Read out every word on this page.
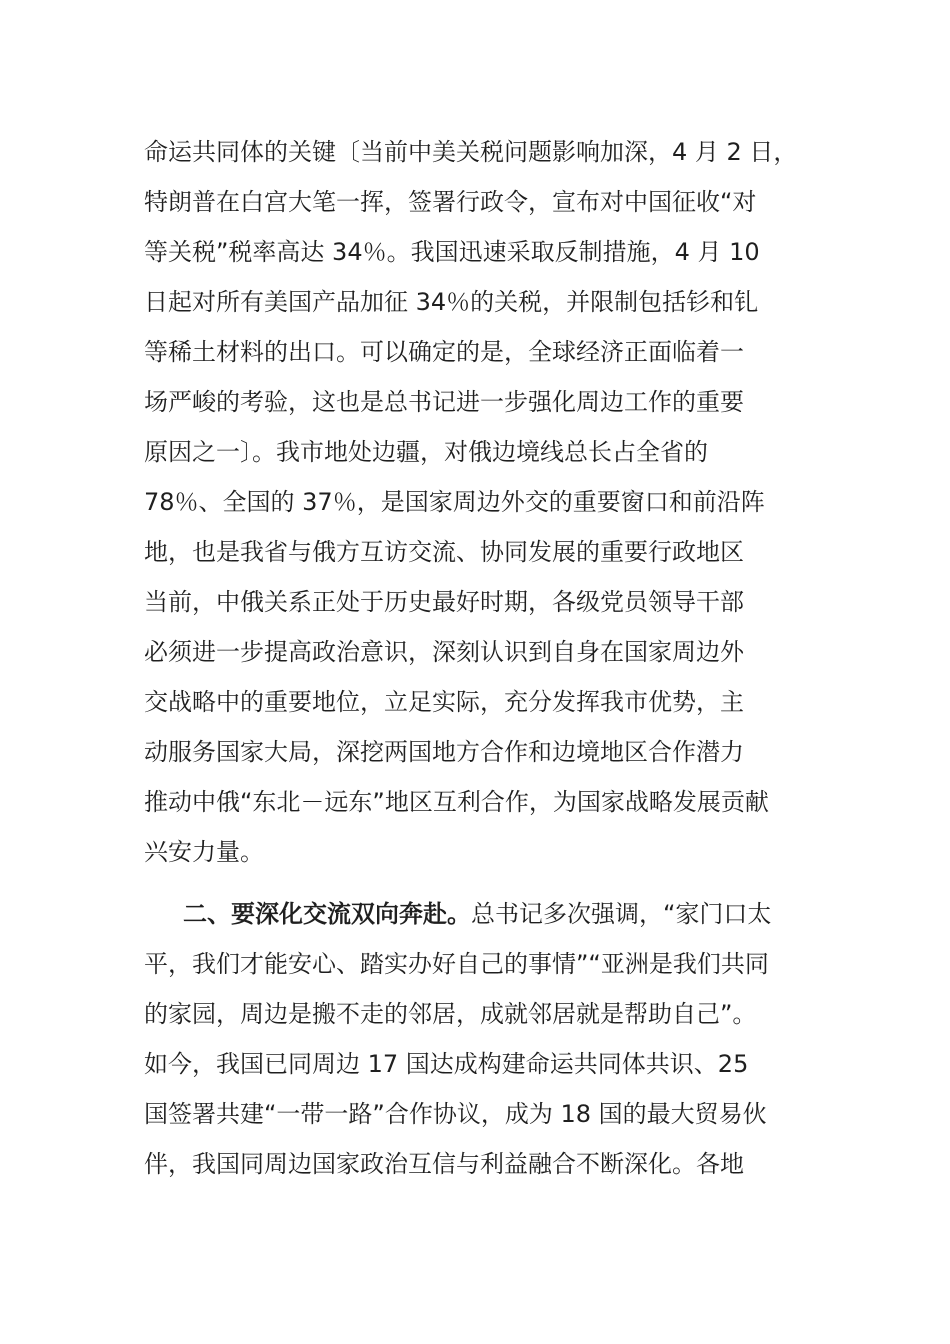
命运共同体的关键〔当前中美关税问题影响加深，4 月 2 日，
特朗普在白宫大笔一挥，签署行政令，宣布对中国征收“对
等关税”税率高达 34％。我国迅速采取反制措施，4 月 10
日起对所有美国产品加征 34％的关税，并限制包括钐和钆
等稀土材料的出口。可以确定的是，全球经济正面临着一
场严峻的考验，这也是总书记进一步强化周边工作的重要
原因之一〕。我市地处边疆，对俄边境线总长占全省的
78％、全国的 37％，是国家周边外交的重要窗口和前沿阵
地，也是我省与俄方互访交流、协同发展的重要行政地区
当前，中俄关系正处于历史最好时期，各级党员领导干部
必须进一步提高政治意识，深刻认识到自身在国家周边外
交战略中的重要地位，立足实际，充分发挥我市优势，主
动服务国家大局，深挖两国地方合作和边境地区合作潜力
推动中俄“东北－远东”地区互利合作，为国家战略发展贡献
兴安力量。
二、要深化交流双向奔赴。总书记多次强调，“家门口太
平，我们才能安心、踏实办好自己的事情”“亚洲是我们共同
的家园，周边是搬不走的邻居，成就邻居就是帮助自己”。
如今，我国已同周边 17 国达成构建命运共同体共识、25
国签署共建“一带一路”合作协议，成为 18 国的最大贸易伙
伴，我国同周边国家政治互信与利益融合不断深化。各地
